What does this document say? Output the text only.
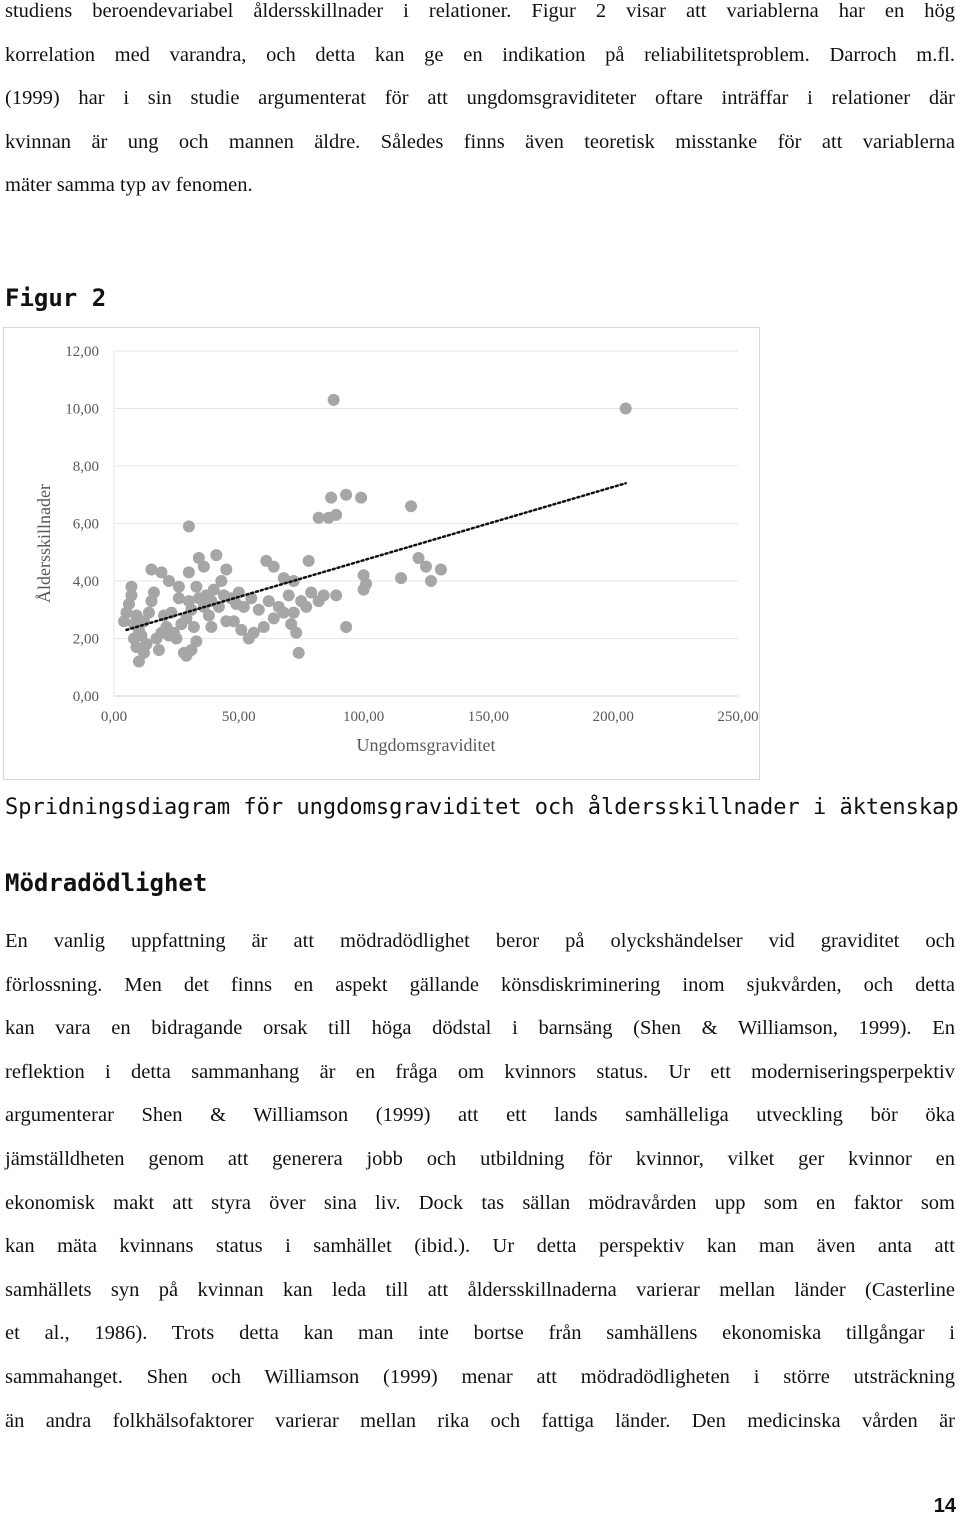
studiens beroendevariabel åldersskillnader i relationer. Figur 2 visar att variablerna har en hög
korrelation med varandra, och detta kan ge en indikation på reliabilitetsproblem. Darroch m.fl.
(1999) har i sin studie argumenterat för att ungdomsgraviditeter oftare inträffar i relationer där
kvinnan är ung och mannen äldre. Således finns även teoretisk misstanke för att variablerna
mäter samma typ av fenomen.

Figur 2

0,00
2,00
4,00
6,00
8,00
10,00
12,00
0,00	50,00	100,00	150,00	200,00	250,00
Ungdomsgraviditet
Åldersskillnader

Spridningsdiagram för ungdomsgraviditet och åldersskillnader i äktenskap

Mödradödlighet

En vanlig uppfattning är att mödradödlighet beror på olyckshändelser vid graviditet och
förlossning. Men det finns en aspekt gällande könsdiskriminering inom sjukvården, och detta
kan vara en bidragande orsak till höga dödstal i barnsäng (Shen & Williamson, 1999). En
reflektion i detta sammanhang är en fråga om kvinnors status. Ur ett moderniseringsperpektiv
argumenterar Shen & Williamson (1999) att ett lands samhälleliga utveckling bör öka
jämställdheten genom att generera jobb och utbildning för kvinnor, vilket ger kvinnor en
ekonomisk makt att styra över sina liv. Dock tas sällan mödravården upp som en faktor som
kan mäta kvinnans status i samhället (ibid.). Ur detta perspektiv kan man även anta att
samhällets syn på kvinnan kan leda till att åldersskillnaderna varierar mellan länder (Casterline
et al., 1986). Trots detta kan man inte bortse från samhällens ekonomiska tillgångar i
sammahanget. Shen och Williamson (1999) menar att mödradödligheten i större utsträckning
än andra folkhälsofaktorer varierar mellan rika och fattiga länder. Den medicinska vården är
14
